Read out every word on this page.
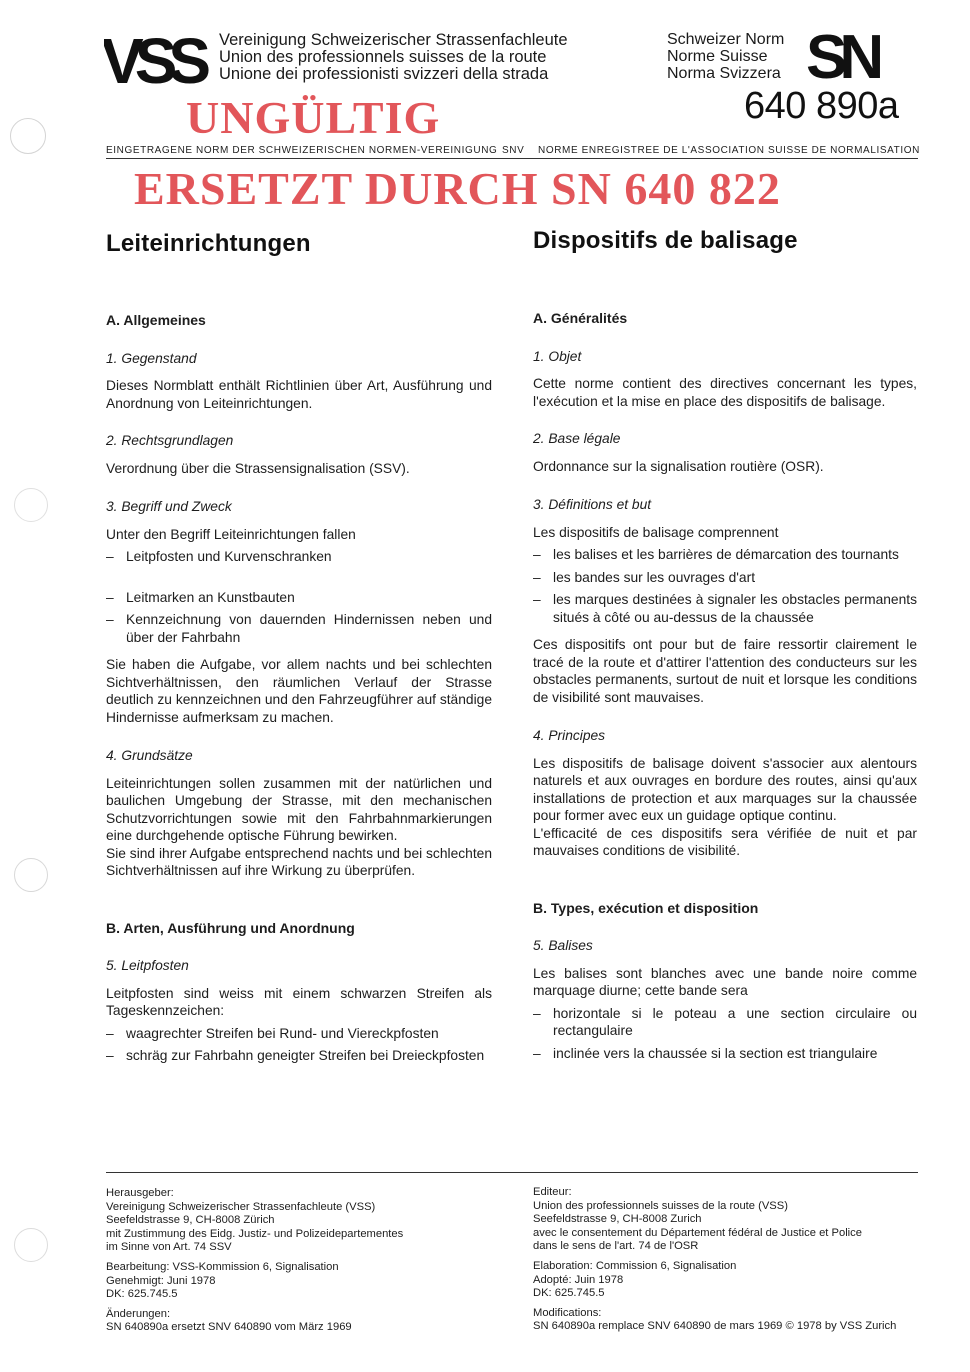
VSS	Vereinigung Schweizerischer Strassenfachleute
Union des professionnels suisses de la route
Unione dei professionisti svizzeri della strada
Schweizer Norm
Norme Suisse
Norma Svizzera SN
640 890a
EINGETRAGENE NORM DER SCHWEIZERISCHEN NORMEN-VEREINIGUNG SNV NORME ENREGISTREE DE L'ASSOCIATION SUISSE DE NORMALISATION
UNGÜLTIG
ERSETZT DURCH SN 640 822
Leiteinrichtungen	Dispositifs de balisage
A. Allgemeines
1. Gegenstand

Dieses Normblatt enthält Richtlinien über Art, Ausführung und Anordnung von Leiteinrichtungen.

2. Rechtsgrundlagen

Verordnung über die Strassensignalisation (SSV).

3. Begriff und Zweck

Unter den Begriff Leiteinrichtungen fallen

– Leitpfosten und Kurvenschranken
– Leitmarken an Kunstbauten
– Kennzeichnung von dauernden Hindernissen neben und über der Fahrbahn

Sie haben die Aufgabe, vor allem nachts und bei schlechten Sichtverhältnissen, den räumlichen Verlauf der Strasse deutlich zu kennzeichnen und den Fahrzeugführer auf ständige Hindernisse aufmerksam zu machen.

4. Grundsätze

Leiteinrichtungen sollen zusammen mit der natürlichen und baulichen Umgebung der Strasse, mit den mechanischen Schutzvorrichtungen sowie mit den Fahrbahnmarkierungen eine durchgehende optische Führung bewirken.

Sie sind ihrer Aufgabe entsprechend nachts und bei schlechten Sichtverhältnissen auf ihre Wirkung zu überprüfen.

B. Arten, Ausführung und Anordnung
5. Leitpfosten

Leitpfosten sind weiss mit einem schwarzen Streifen als Tageskennzeichen:

– waagrechter Streifen bei Rund- und Viereckpfosten
– schräg zur Fahrbahn geneigter Streifen bei Dreieckpfosten
A. Généralités
1. Objet

Cette norme contient des directives concernant les types, l'exécution et la mise en place des dispositifs de balisage.

2. Base légale

Ordonnance sur la signalisation routière (OSR).

3. Définitions et but

Les dispositifs de balisage comprennent

– les balises et les barrières de démarcation des tournants
– les bandes sur les ouvrages d'art
– les marques destinées à signaler les obstacles permanents situés à côté ou au-dessus de la chaussée

Ces dispositifs ont pour but de faire ressortir clairement le tracé de la route et d'attirer l'attention des conducteurs sur les obstacles permanents, surtout de nuit et lorsque les conditions de visibilité sont mauvaises.

4. Principes

Les dispositifs de balisage doivent s'associer aux alentours naturels et aux ouvrages en bordure des routes, ainsi qu'aux installations de protection et aux marquages sur la chaussée pour former avec eux un guidage optique continu.

L'efficacité de ces dispositifs sera vérifiée de nuit et par mauvaises conditions de visibilité.

B. Types, exécution et disposition
5. Balises

Les balises sont blanches avec une bande noire comme marquage diurne; cette bande sera

– horizontale si le poteau a une section circulaire ou rectangulaire
– inclinée vers la chaussée si la section est triangulaire
Herausgeber:
Vereinigung Schweizerischer Strassenfachleute (VSS)
Seefeldstrasse 9, CH-8008 Zürich
mit Zustimmung des Eidg. Justiz- und Polizeidepartementes
im Sinne von Art. 74 SSV
Bearbeitung: VSS-Kommission 6, Signalisation
Genehmigt: Juni 1978
DK: 625.745.5
Änderungen:
SN 640890a ersetzt SNV 640890 vom März 1969
Editeur:
Union des professionnels suisses de la route (VSS)
Seefeldstrasse 9, CH-8008 Zurich
avec le consentement du Département fédéral de Justice et Police
dans le sens de l'art. 74 de l'OSR
Elaboration: Commission 6, Signalisation
Adopté: Juin 1978
DK: 625.745.5
Modifications:
SN 640890a remplace SNV 640890 de mars 1969 © 1978 by VSS Zurich
